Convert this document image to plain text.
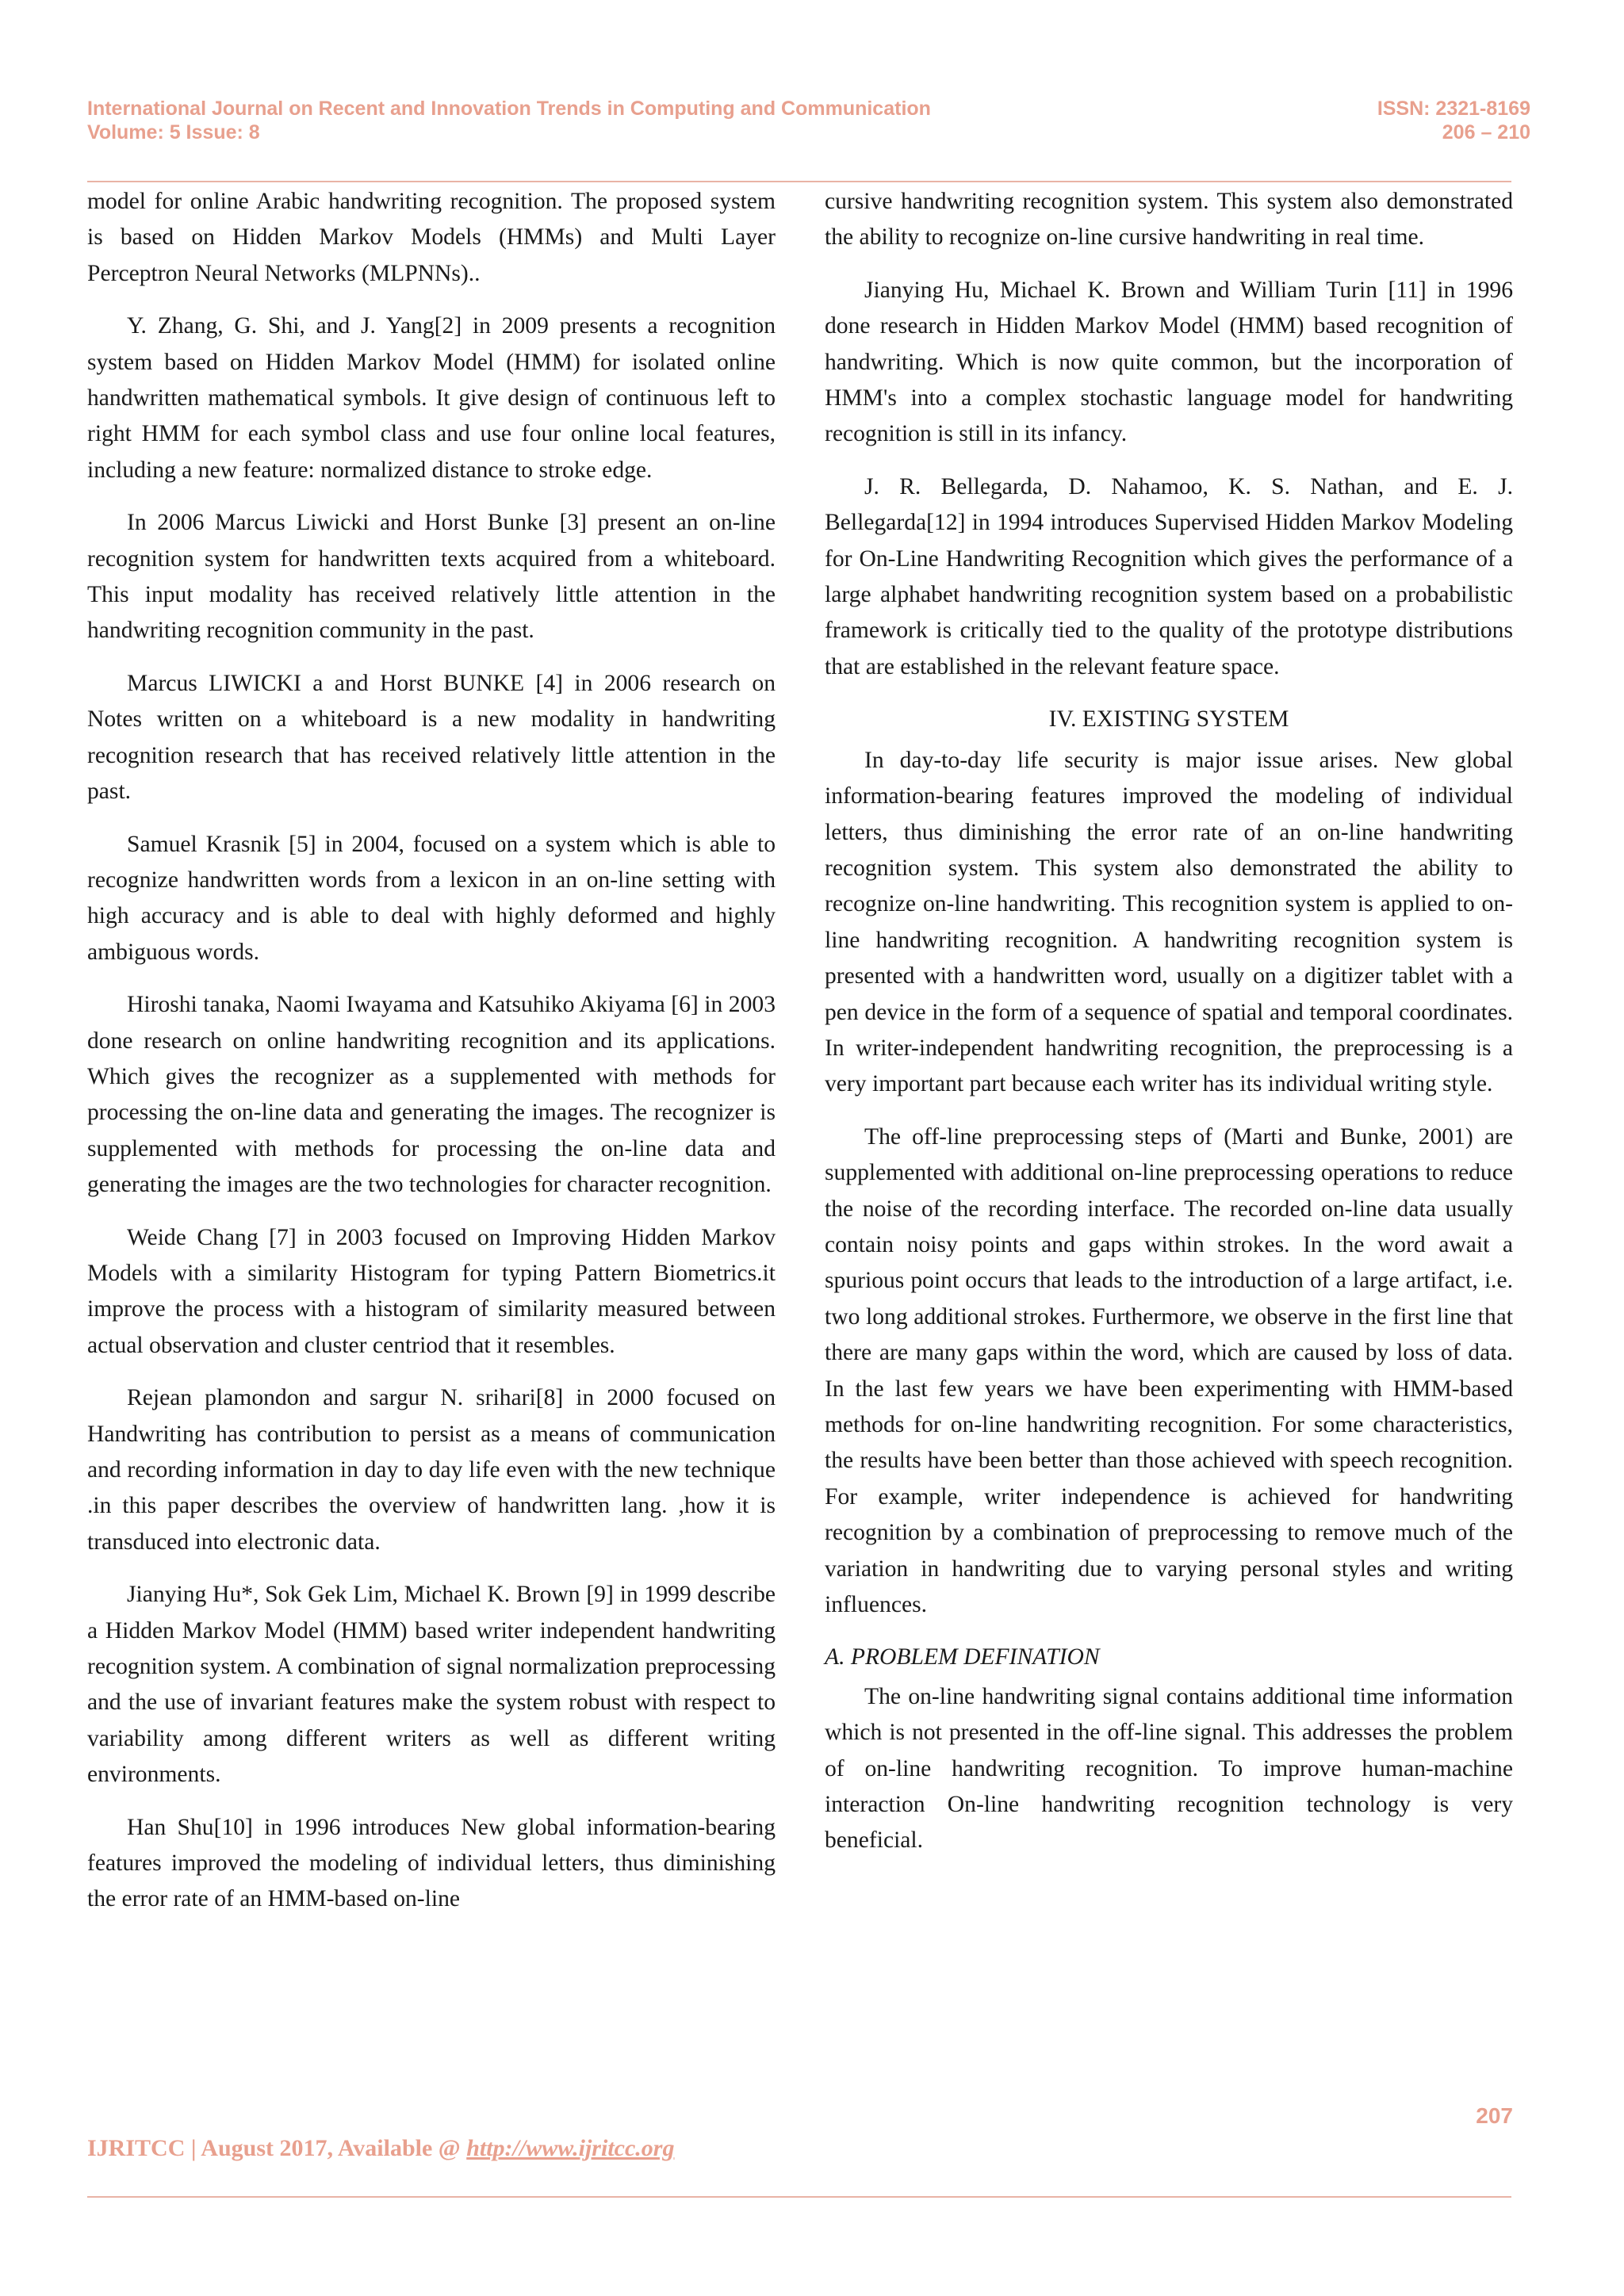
International Journal on Recent and Innovation Trends in Computing and Communication
Volume: 5 Issue: 8
ISSN: 2321-8169
206 – 210

model for online Arabic handwriting recognition. The proposed system is based on Hidden Markov Models (HMMs) and Multi Layer Perceptron Neural Networks (MLPNNs)..

Y. Zhang, G. Shi, and J. Yang[2] in 2009 presents a recognition system based on Hidden Markov Model (HMM) for isolated online handwritten mathematical symbols. It give design of continuous left to right HMM for each symbol class and use four online local features, including a new feature: normalized distance to stroke edge.

In 2006 Marcus Liwicki and Horst Bunke [3] present an on-line recognition system for handwritten texts acquired from a whiteboard. This input modality has received relatively little attention in the handwriting recognition community in the past.

Marcus LIWICKI a and Horst BUNKE [4] in 2006 research on Notes written on a whiteboard is a new modality in handwriting recognition research that has received relatively little attention in the past.

Samuel Krasnik [5] in 2004, focused on a system which is able to recognize handwritten words from a lexicon in an on-line setting with high accuracy and is able to deal with highly deformed and highly ambiguous words.

Hiroshi tanaka, Naomi Iwayama and Katsuhiko Akiyama [6] in 2003 done research on online handwriting recognition and its applications. Which gives the recognizer as a supplemented with methods for processing the on-line data and generating the images. The recognizer is supplemented with methods for processing the on-line data and generating the images are the two technologies for character recognition.

Weide Chang [7] in 2003 focused on Improving Hidden Markov Models with a similarity Histogram for typing Pattern Biometrics.it improve the process with a histogram of similarity measured between actual observation and cluster centriod that it resembles.

Rejean plamondon and sargur N. srihari[8] in 2000 focused on Handwriting has contribution to persist as a means of communication and recording information in day to day life even with the new technique .in this paper describes the overview of handwritten lang. ,how it is transduced into electronic data.

Jianying Hu*, Sok Gek Lim, Michael K. Brown [9] in 1999 describe a Hidden Markov Model (HMM) based writer independent handwriting recognition system. A combination of signal normalization preprocessing and the use of invariant features make the system robust with respect to variability among different writers as well as different writing environments.

Han Shu[10] in 1996 introduces New global information-bearing features improved the modeling of individual letters, thus diminishing the error rate of an HMM-based on-line

cursive handwriting recognition system. This system also demonstrated the ability to recognize on-line cursive handwriting in real time.

Jianying Hu, Michael K. Brown and William Turin [11] in 1996 done research in Hidden Markov Model (HMM) based recognition of handwriting. Which is now quite common, but the incorporation of HMM's into a complex stochastic language model for handwriting recognition is still in its infancy.

J. R. Bellegarda, D. Nahamoo, K. S. Nathan, and E. J. Bellegarda[12] in 1994 introduces Supervised Hidden Markov Modeling for On-Line Handwriting Recognition which gives the performance of a large alphabet handwriting recognition system based on a probabilistic framework is critically tied to the quality of the prototype distributions that are established in the relevant feature space.

IV. EXISTING SYSTEM

In day-to-day life security is major issue arises. New global information-bearing features improved the modeling of individual letters, thus diminishing the error rate of an on-line handwriting recognition system. This system also demonstrated the ability to recognize on-line handwriting. This recognition system is applied to on-line handwriting recognition. A handwriting recognition system is presented with a handwritten word, usually on a digitizer tablet with a pen device in the form of a sequence of spatial and temporal coordinates. In writer-independent handwriting recognition, the preprocessing is a very important part because each writer has its individual writing style.

The off-line preprocessing steps of (Marti and Bunke, 2001) are supplemented with additional on-line preprocessing operations to reduce the noise of the recording interface. The recorded on-line data usually contain noisy points and gaps within strokes. In the word await a spurious point occurs that leads to the introduction of a large artifact, i.e. two long additional strokes. Furthermore, we observe in the first line that there are many gaps within the word, which are caused by loss of data. In the last few years we have been experimenting with HMM-based methods for on-line handwriting recognition. For some characteristics, the results have been better than those achieved with speech recognition. For example, writer independence is achieved for handwriting recognition by a combination of preprocessing to remove much of the variation in handwriting due to varying personal styles and writing influences.

A. PROBLEM DEFINATION

The on-line handwriting signal contains additional time information which is not presented in the off-line signal. This addresses the problem of on-line handwriting recognition. To improve human-machine interaction On-line handwriting recognition technology is very beneficial.

207
IJRITCC | August 2017, Available @ http://www.ijritcc.org
